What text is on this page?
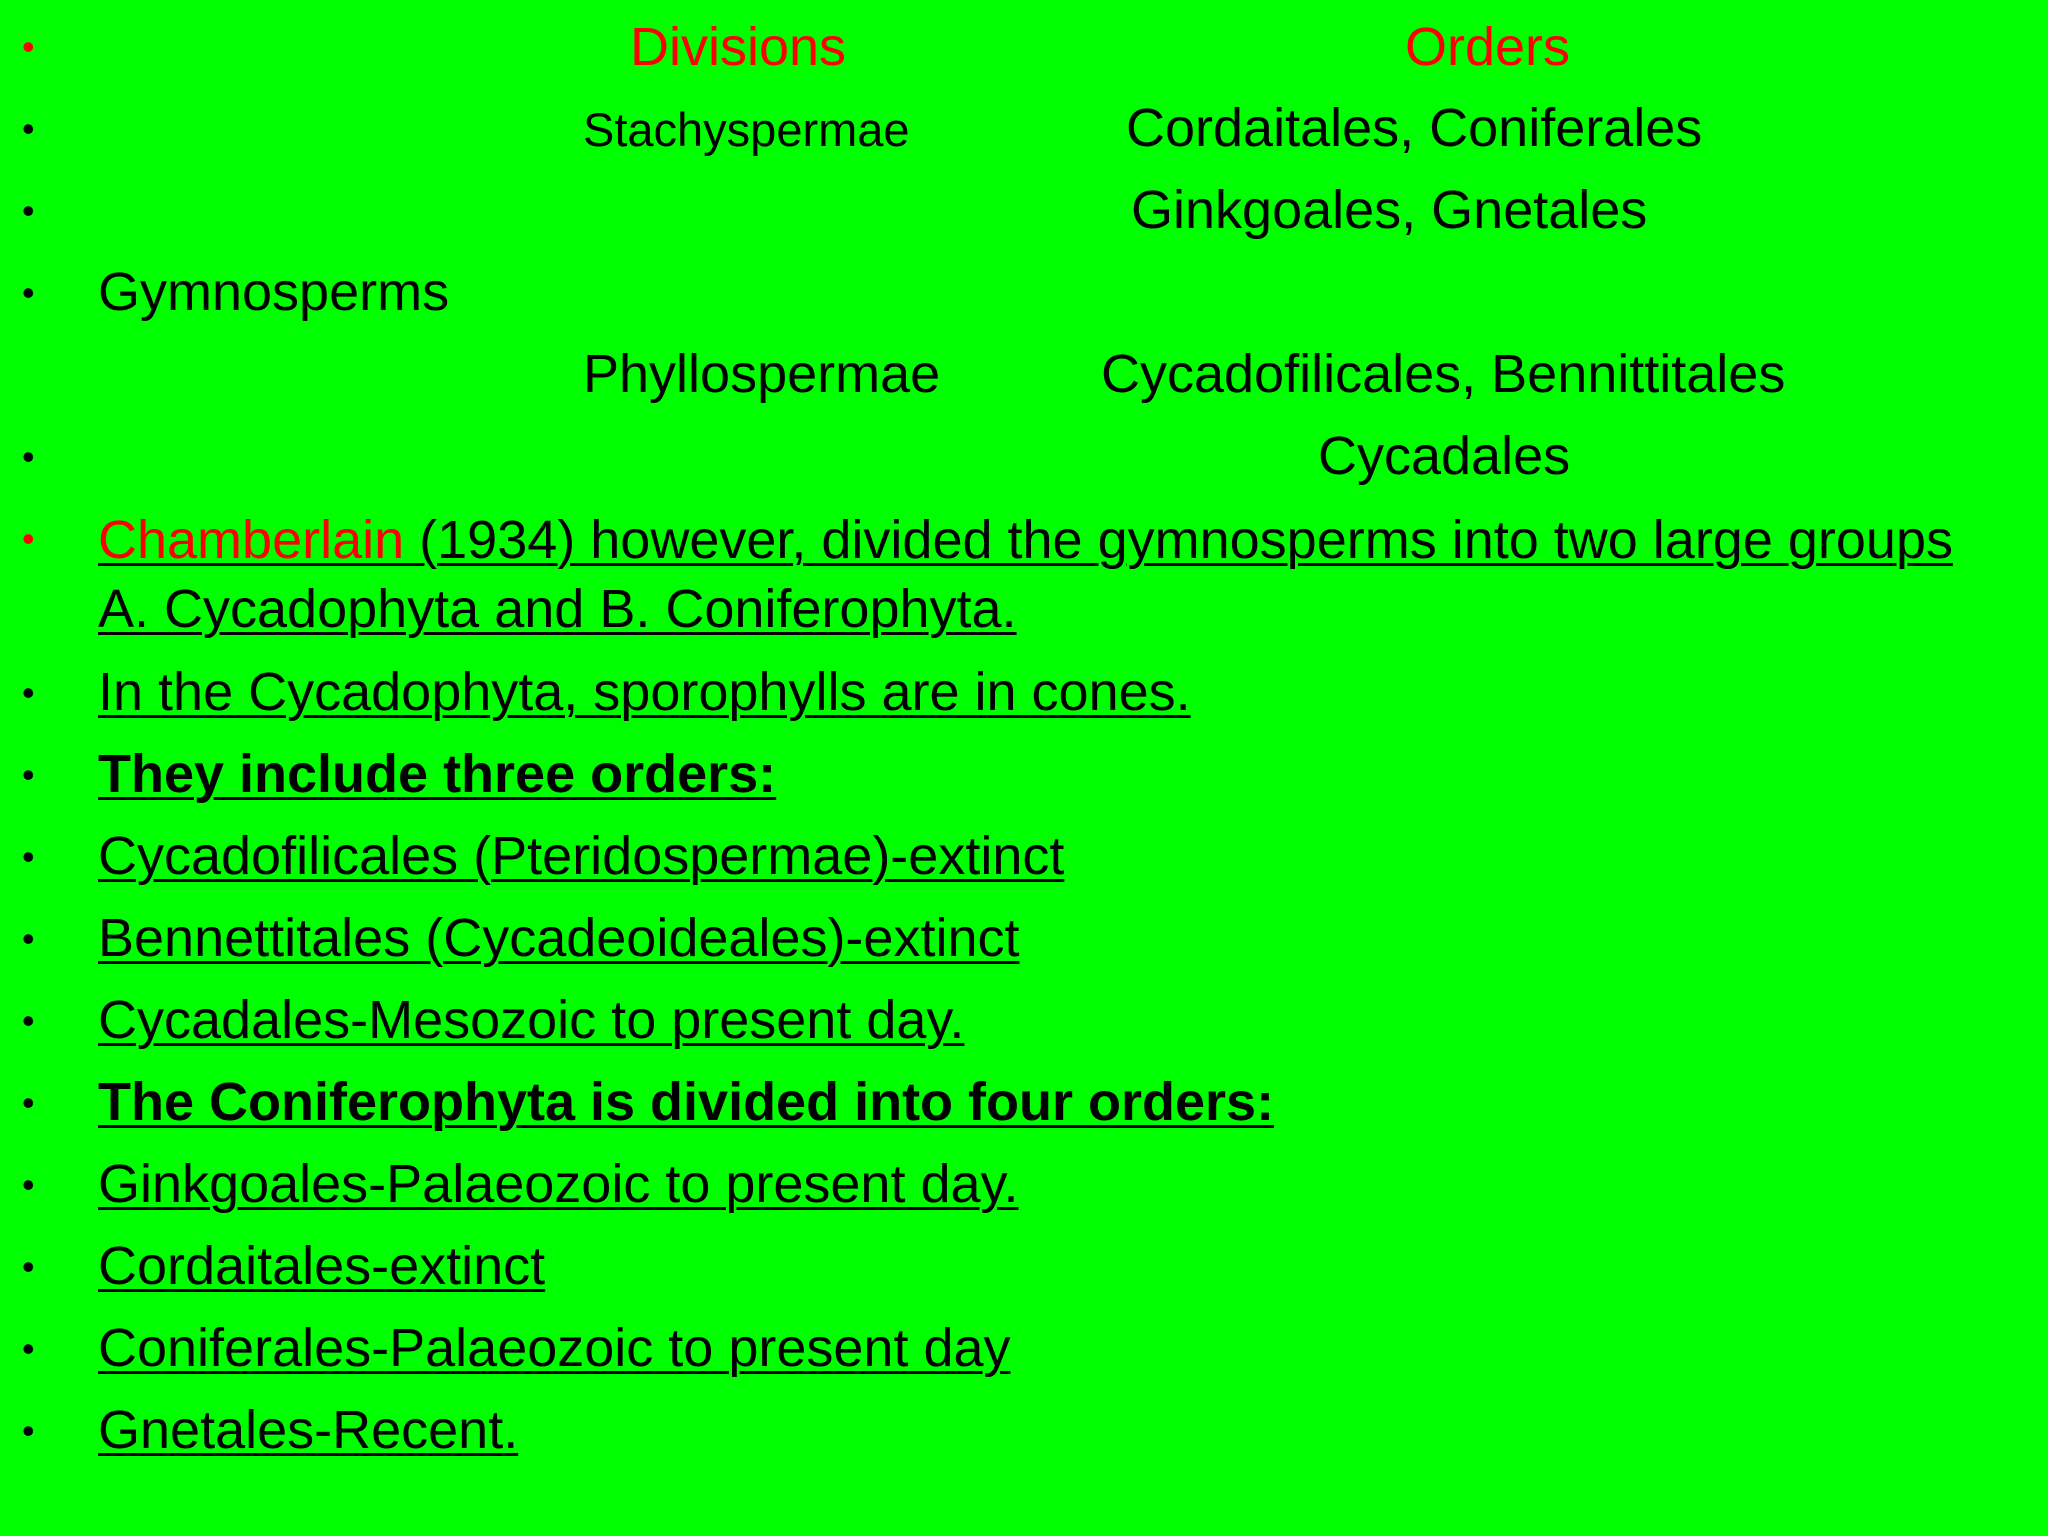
•	Divisions	Orders
•	Stachyspermae	Cordaitales, Coniferales
•	Ginkgoales, Gnetales
• Gymnosperms
Phyllospermae	Cycadofilicales, Bennittitales
•	Cycadales
• Chamberlain (1934) however, divided the gymnosperms into two large groups A. Cycadophyta and B. Coniferophyta.
• In the Cycadophyta, sporophylls are in cones.
• They include three orders:
• Cycadofilicales (Pteridospermae)-extinct
• Bennettitales (Cycadeoideales)-extinct
• Cycadales-Mesozoic to present day.
• The Coniferophyta is divided into four orders:
• Ginkgoales-Palaeozoic to present day.
• Cordaitales-extinct
• Coniferales-Palaeozoic to present day
• Gnetales-Recent.
